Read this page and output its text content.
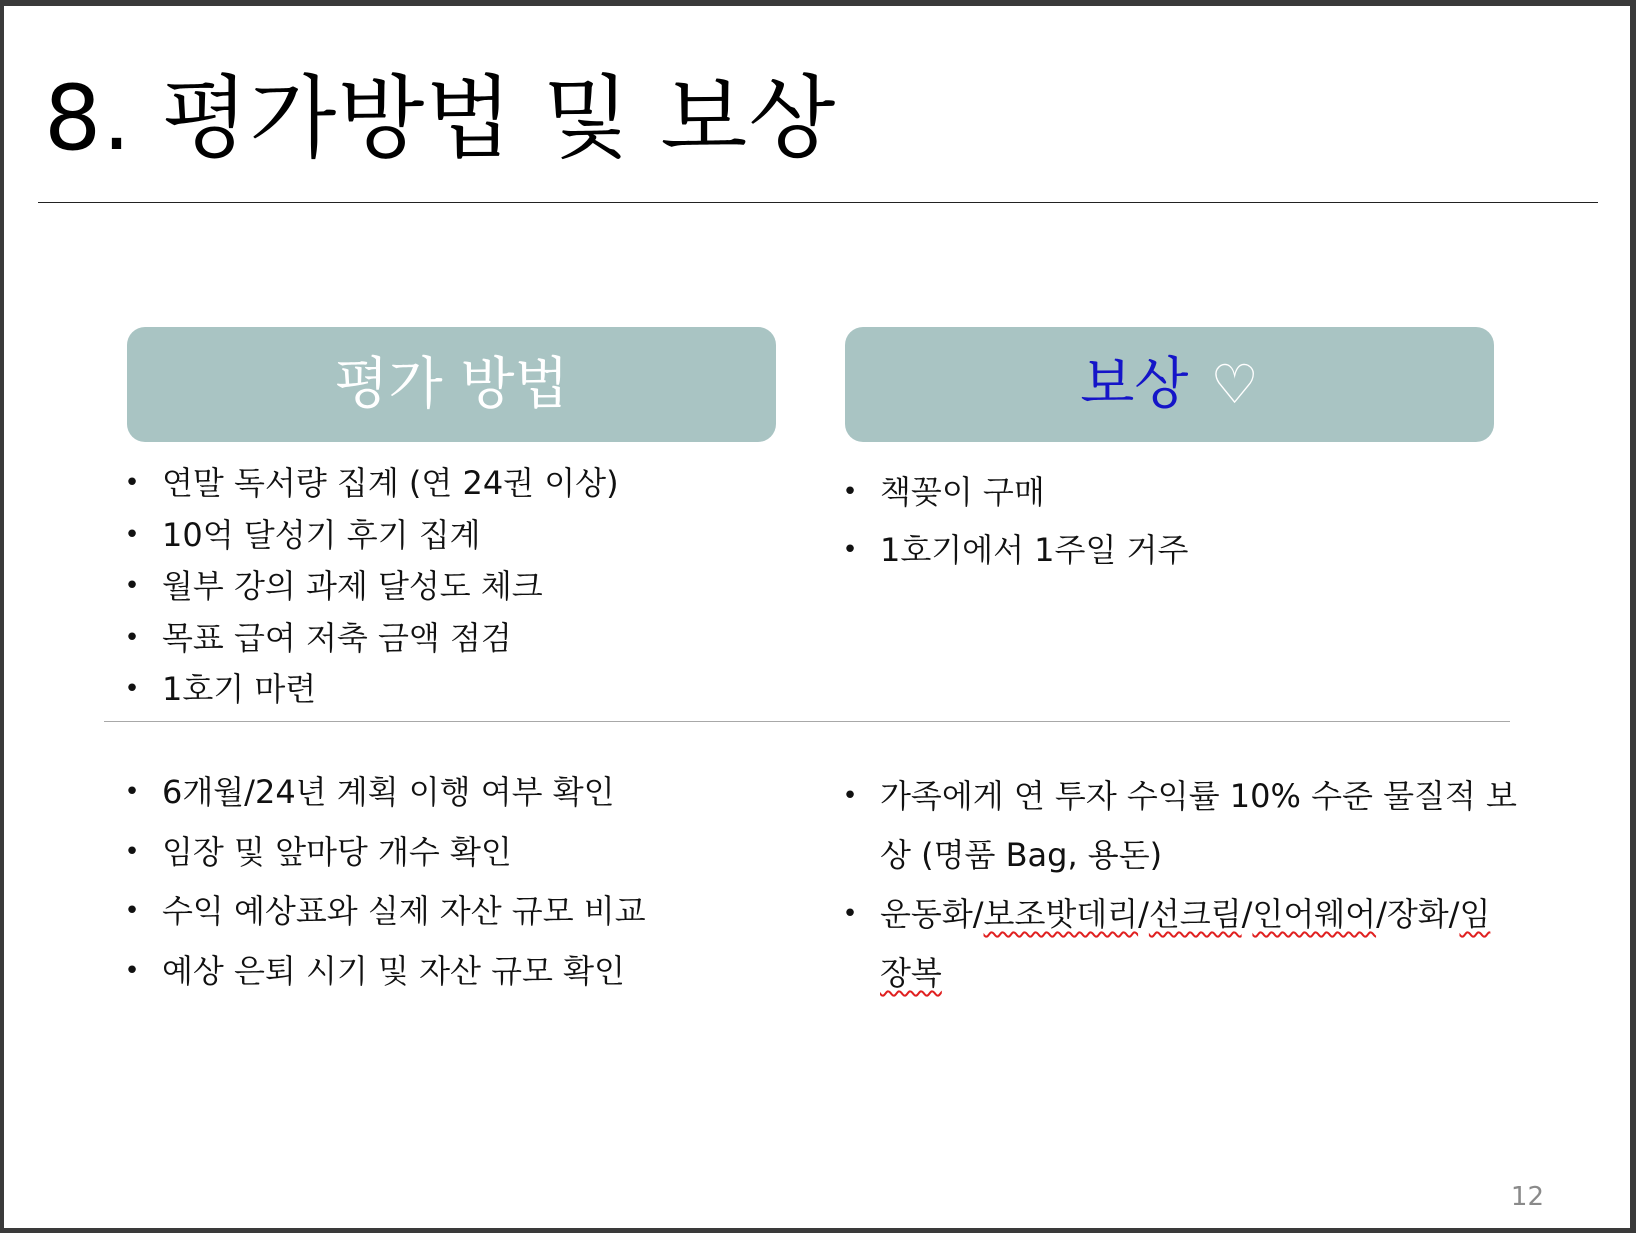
8. 평가방법 및 보상
평가 방법	보상 ♡
• 연말 독서량 집계 (연 24권 이상)
• 10억 달성기 후기 집계
• 월부 강의 과제 달성도 체크
• 목표 급여 저축 금액 점검
• 1호기 마련
• 책꽂이 구매
• 1호기에서 1주일 거주
• 6개월/24년 계획 이행 여부 확인
• 임장 및 앞마당 개수 확인
• 수익 예상표와 실제 자산 규모 비교
• 예상 은퇴 시기 및 자산 규모 확인
• 가족에게 연 투자 수익률 10% 수준 물질적 보상 (명품 Bag, 용돈)
• 운동화/보조밧데리/선크림/인어웨어/장화/임장복
12
